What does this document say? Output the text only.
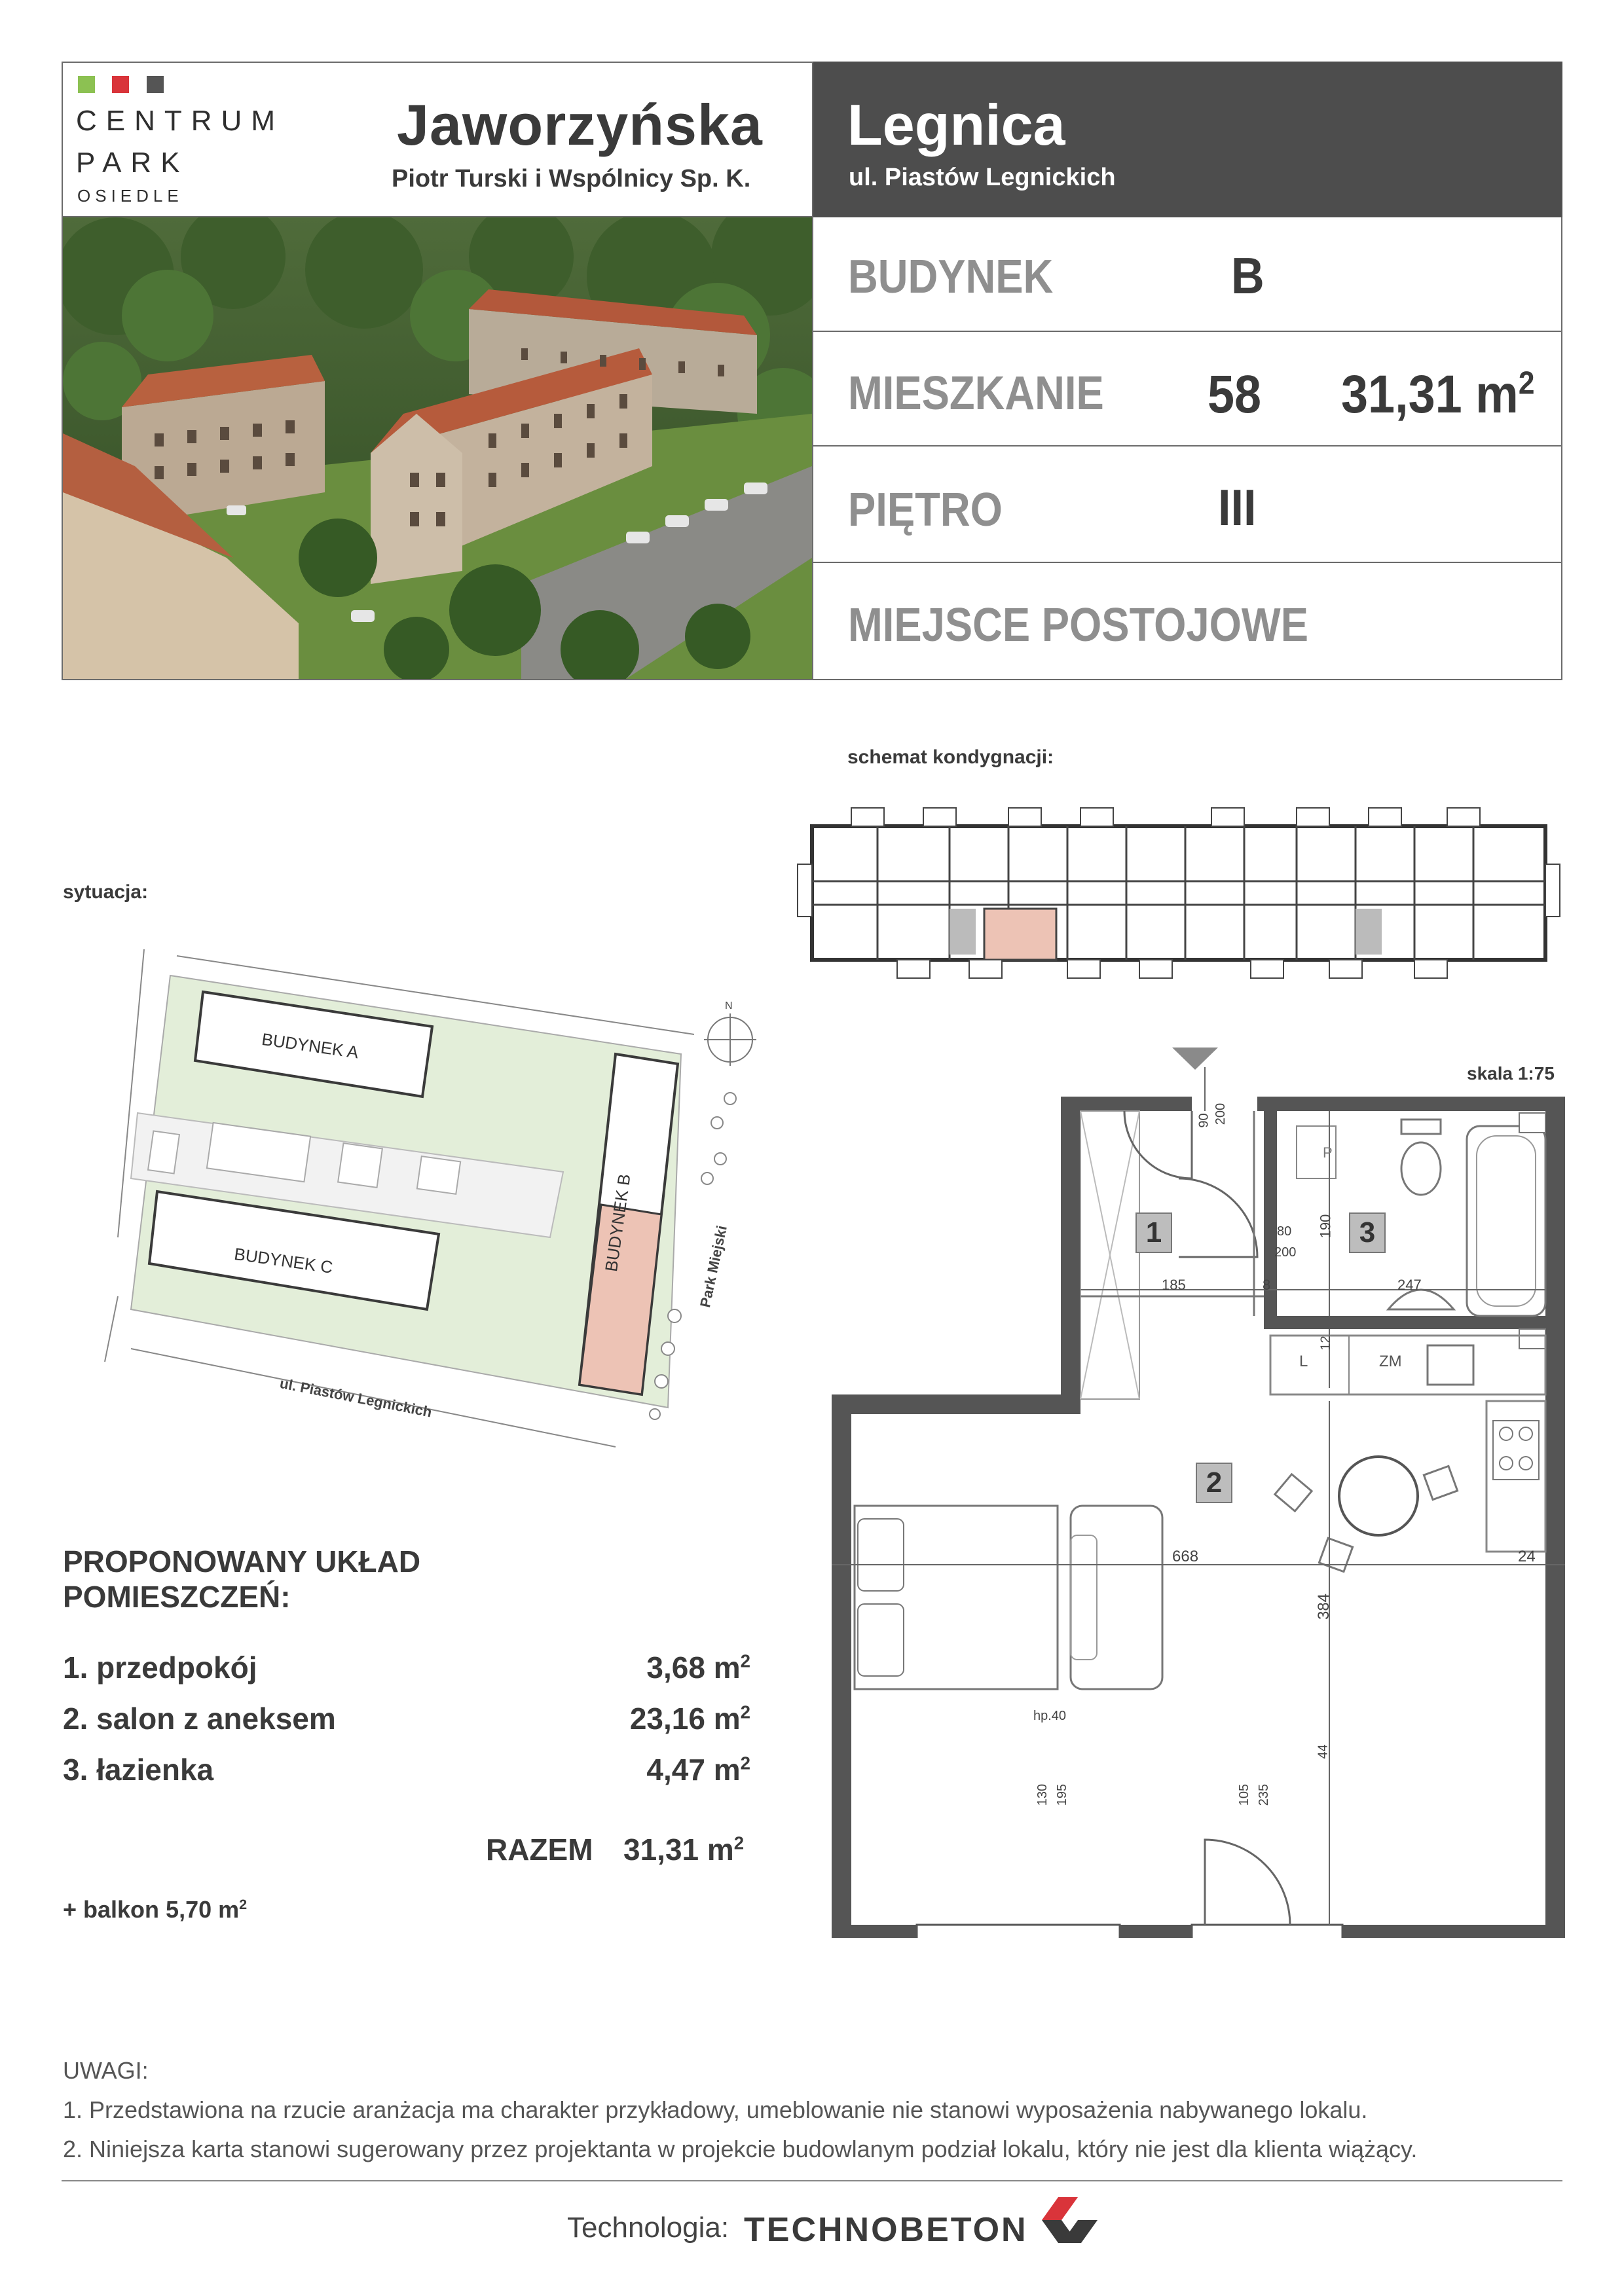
CENTRUM
PARK
OSIEDLE
Jaworzyńska
Piotr Turski i Wspólnicy Sp. K.
Legnica
ul. Piastów Legnickich
BUDYNEK	B
MIESZKANIE 58 31,31 $m^2$
PIĘTRO	III
MIEJSCE POSTOJOWE
sytuacja:
BUDYNEK A
BUDYNEK C	BUDYNEK B
ul. Piastów Legnickich
Park Miejski
N
schemat kondygnacji:
skala 1:75
1
2
3
90 200
80
200
190
185	8	247
12
668	24
384
44
hp.40
130 195	105 235
L	ZM
P
PROPONOWANY UKŁAD
POMIESZCZEŃ:
1. przedpokój	3,68 $m^2$
2. salon z aneksem	23,16 $m^2$
3. łazienka	4,47 $m^2$
RAZEM 31,31 $m^2$
+ balkon 5,70 $m^2$
UWAGI:
1. Przedstawiona na rzucie aranżacja ma charakter przykładowy, umeblowanie nie stanowi wyposażenia nabywanego lokalu.
2. Niniejsza karta stanowi sugerowany przez projektanta w projekcie budowlanym podział lokalu, który nie jest dla klienta wiążący.
Technologia: TECHNOBETON
